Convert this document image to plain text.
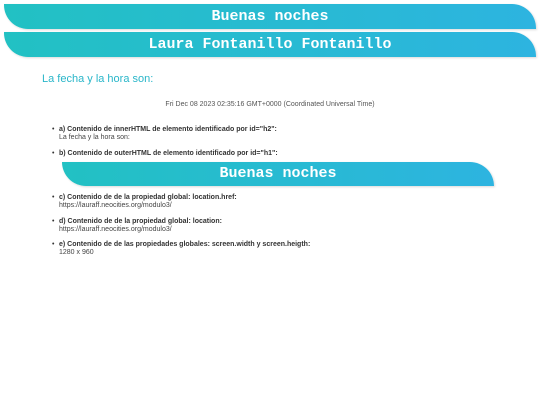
Buenas noches
Laura Fontanillo Fontanillo
La fecha y la hora son:
Fri Dec 08 2023 02:35:16 GMT+0000 (Coordinated Universal Time)
• a) Contenido de innerHTML de elemento identificado por id="h2":
La fecha y la hora son:
• b) Contenido de outerHTML de elemento identificado por id="h1":
Buenas noches
• c) Contenido de de la propiedad global: location.href:
https://lauraff.neocities.org/modulo3/
• d) Contenido de de la propiedad global: location:
https://lauraff.neocities.org/modulo3/
• e) Contenido de de las propiedades globales: screen.width y screen.heigth:
1280 x 960
